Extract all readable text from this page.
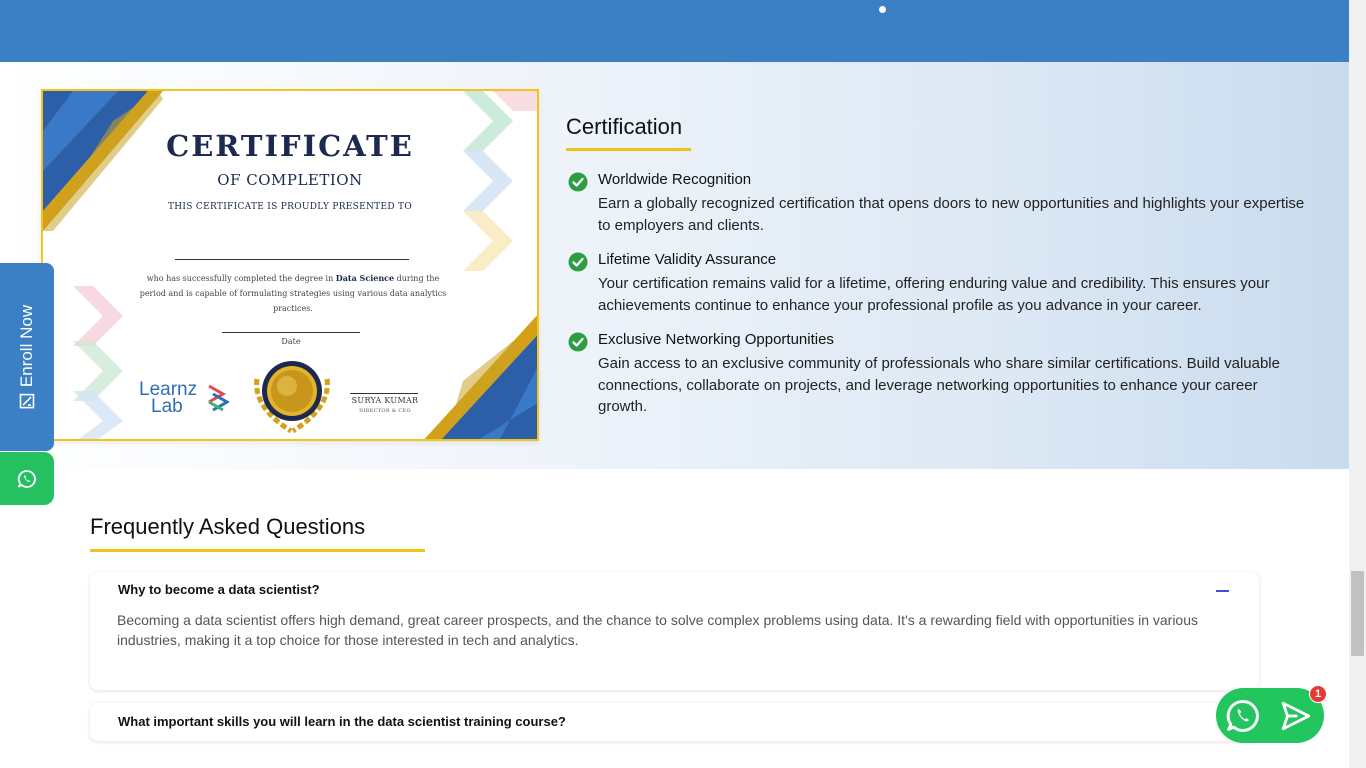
CERTIFICATE
OF COMPLETION
THIS CERTIFICATE IS PROUDLY PRESENTED TO
who has successfully completed the degree in Data Science during the period and is capable of formulating strategies using various data analytics practices.
Date
Learnz
Lab	SURYA KUMAR
DIRECTOR & CEO
Certification
Worldwide Recognition
Earn a globally recognized certification that opens doors to new opportunities and highlights your expertise to employers and clients.
Lifetime Validity Assurance
Your certification remains valid for a lifetime, offering enduring value and credibility. This ensures your achievements continue to enhance your professional profile as you advance in your career.
Exclusive Networking Opportunities
Gain access to an exclusive community of professionals who share similar certifications. Build valuable connections, collaborate on projects, and leverage networking opportunities to enhance your career growth.
Frequently Asked Questions
Why to become a data scientist?
Becoming a data scientist offers high demand, great career prospects, and the chance to solve complex problems using data. It's a rewarding field with opportunities in various industries, making it a top choice for those interested in tech and analytics.
What important skills you will learn in the data scientist training course?
Enroll Now
1
